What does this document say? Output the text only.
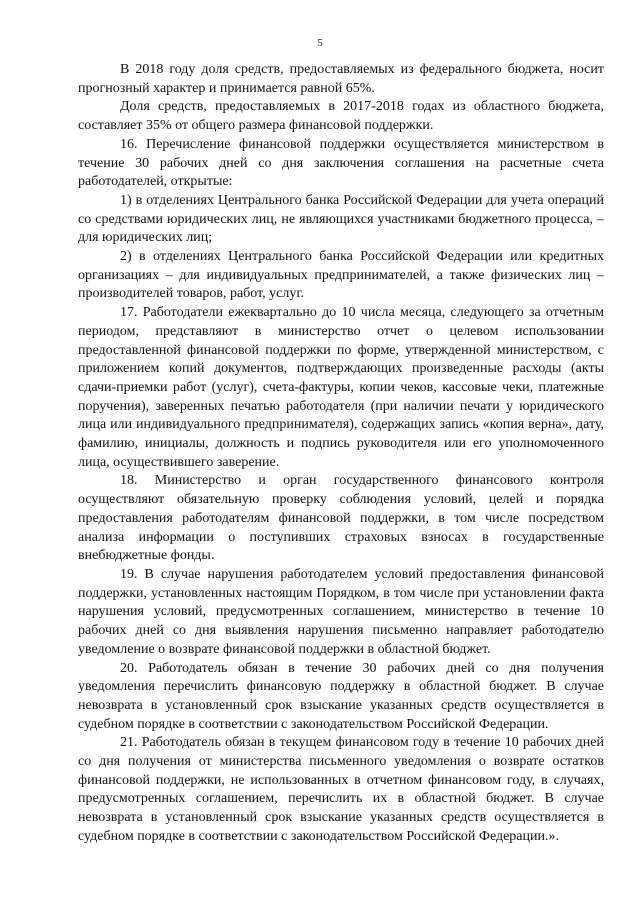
5

В 2018 году доля средств, предоставляемых из федерального бюджета, носит прогнозный характер и принимается равной 65%.

Доля средств, предоставляемых в 2017-2018 годах из областного бюджета, составляет 35% от общего размера финансовой поддержки.

16. Перечисление финансовой поддержки осуществляется министерством в течение 30 рабочих дней со дня заключения соглашения на расчетные счета работодателей, открытые:

1) в отделениях Центрального банка Российской Федерации для учета операций со средствами юридических лиц, не являющихся участниками бюджетного процесса, – для юридических лиц;

2) в отделениях Центрального банка Российской Федерации или кредитных организациях – для индивидуальных предпринимателей, а также физических лиц – производителей товаров, работ, услуг.

17. Работодатели ежеквартально до 10 числа месяца, следующего за отчетным периодом, представляют в министерство отчет о целевом использовании предоставленной финансовой поддержки по форме, утвержденной министерством, с приложением копий документов, подтверждающих произведенные расходы (акты сдачи-приемки работ (услуг), счета-фактуры, копии чеков, кассовые чеки, платежные поручения), заверенных печатью работодателя (при наличии печати у юридического лица или индивидуального предпринимателя), содержащих запись «копия верна», дату, фамилию, инициалы, должность и подпись руководителя или его уполномоченного лица, осуществившего заверение.

18. Министерство и орган государственного финансового контроля осуществляют обязательную проверку соблюдения условий, целей и порядка предоставления работодателям финансовой поддержки, в том числе посредством анализа информации о поступивших страховых взносах в государственные внебюджетные фонды.

19. В случае нарушения работодателем условий предоставления финансовой поддержки, установленных настоящим Порядком, в том числе при установлении факта нарушения условий, предусмотренных соглашением, министерство в течение 10 рабочих дней со дня выявления нарушения письменно направляет работодателю уведомление о возврате финансовой поддержки в областной бюджет.

20. Работодатель обязан в течение 30 рабочих дней со дня получения уведомления перечислить финансовую поддержку в областной бюджет. В случае невозврата в установленный срок взыскание указанных средств осуществляется в судебном порядке в соответствии с законодательством Российской Федерации.

21. Работодатель обязан в текущем финансовом году в течение 10 рабочих дней со дня получения от министерства письменного уведомления о возврате остатков финансовой поддержки, не использованных в отчетном финансовом году, в случаях, предусмотренных соглашением, перечислить их в областной бюджет. В случае невозврата в установленный срок взыскание указанных средств осуществляется в судебном порядке в соответствии с законодательством Российской Федерации.».
